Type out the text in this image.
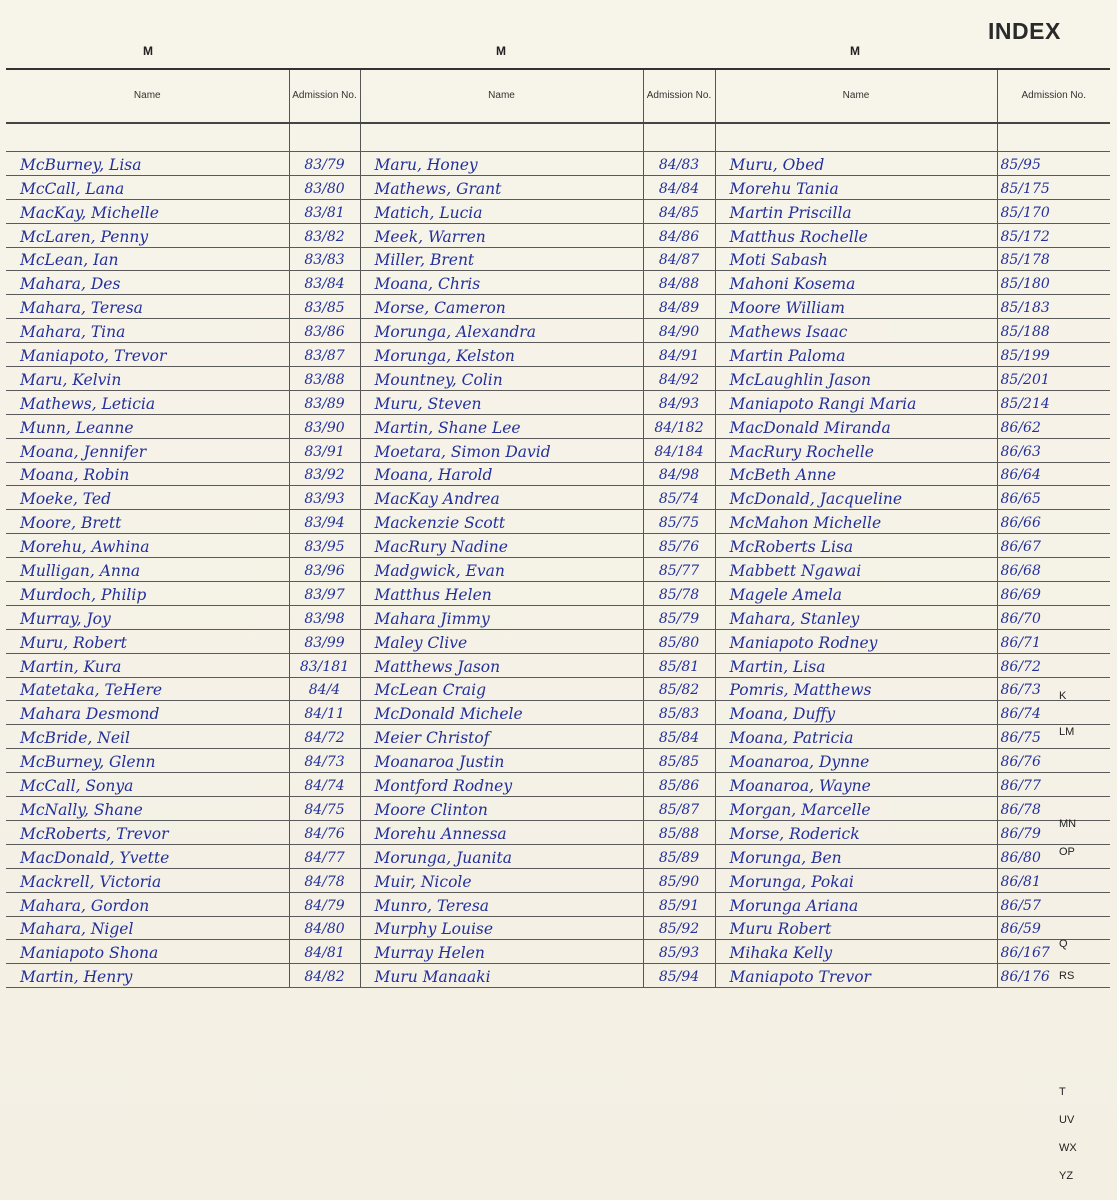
M	M	M
INDEX
Name	Admission No.	Name	Admission No.	Name	Admission No.

McBurney, Lisa	83/79	Maru, Honey	84/83	Muru, Obed	85/95
McCall, Lana	83/80	Mathews, Grant	84/84	Morehu Tania	85/175
MacKay, Michelle	83/81	Matich, Lucia	84/85	Martin Priscilla	85/170
McLaren, Penny	83/82	Meek, Warren	84/86	Matthus Rochelle	85/172
McLean, Ian	83/83	Miller, Brent	84/87	Moti Sabash	85/178
Mahara, Des	83/84	Moana, Chris	84/88	Mahoni Kosema	85/180
Mahara, Teresa	83/85	Morse, Cameron	84/89	Moore William	85/183
Mahara, Tina	83/86	Morunga, Alexandra	84/90	Mathews Isaac	85/188
Maniapoto, Trevor	83/87	Morunga, Kelston	84/91	Martin Paloma	85/199
Maru, Kelvin	83/88	Mountney, Colin	84/92	McLaughlin Jason	85/201
Mathews, Leticia	83/89	Muru, Steven	84/93	Maniapoto Rangi Maria	85/214
Munn, Leanne	83/90	Martin, Shane Lee	84/182	MacDonald Miranda	86/62
Moana, Jennifer	83/91	Moetara, Simon David	84/184	MacRury Rochelle	86/63
Moana, Robin	83/92	Moana, Harold	84/98	McBeth Anne	86/64
Moeke, Ted	83/93	MacKay Andrea	85/74	McDonald, Jacqueline	86/65
Moore, Brett	83/94	Mackenzie Scott	85/75	McMahon Michelle	86/66
Morehu, Awhina	83/95	MacRury Nadine	85/76	McRoberts Lisa	86/67
Mulligan, Anna	83/96	Madgwick, Evan	85/77	Mabbett Ngawai	86/68
Murdoch, Philip	83/97	Matthus Helen	85/78	Magele Amela	86/69
Murray, Joy	83/98	Mahara Jimmy	85/79	Mahara, Stanley	86/70
Muru, Robert	83/99	Maley Clive	85/80	Maniapoto Rodney	86/71
Martin, Kura	83/181	Matthews Jason	85/81	Martin, Lisa	86/72
Matetaka, TeHere	84/4	McLean Craig	85/82	Pomris, Matthews	86/73
Mahara Desmond	84/11	McDonald Michele	85/83	Moana, Duffy	86/74
McBride, Neil	84/72	Meier Christof	85/84	Moana, Patricia	86/75
McBurney, Glenn	84/73	Moanaroa Justin	85/85	Moanaroa, Dynne	86/76
McCall, Sonya	84/74	Montford Rodney	85/86	Moanaroa, Wayne	86/77
McNally, Shane	84/75	Moore Clinton	85/87	Morgan, Marcelle	86/78
McRoberts, Trevor	84/76	Morehu Annessa	85/88	Morse, Roderick	86/79
MacDonald, Yvette	84/77	Morunga, Juanita	85/89	Morunga, Ben	86/80
Mackrell, Victoria	84/78	Muir, Nicole	85/90	Morunga, Pokai	86/81
Mahara, Gordon	84/79	Munro, Teresa	85/91	Morunga Ariana	86/57
Mahara, Nigel	84/80	Murphy Louise	85/92	Muru Robert	86/59
Maniapoto Shona	84/81	Murray Helen	85/93	Mihaka Kelly	86/167
Martin, Henry	84/82	Muru Manaaki	85/94	Maniapoto Trevor	86/176
K
LM
MN
OP
Q
RS
T
UV
WX
YZ
